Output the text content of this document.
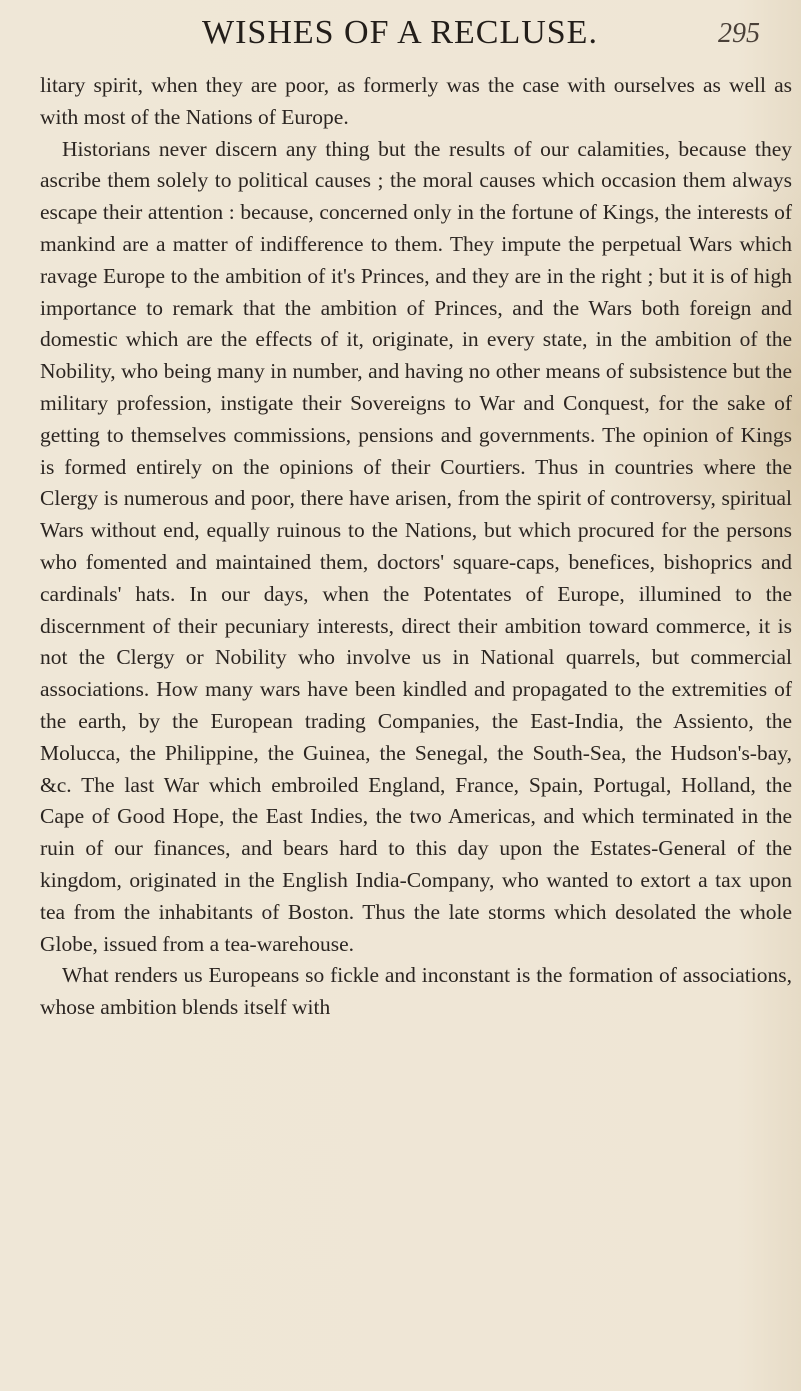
WISHES OF A RECLUSE.	295

litary spirit, when they are poor, as formerly was the case with ourselves as well as with most of the Nations of Europe.

Historians never discern any thing but the results of our calamities, because they ascribe them solely to political causes ; the moral causes which occasion them always escape their attention : because, concerned only in the fortune of Kings, the interests of mankind are a matter of indifference to them. They impute the perpetual Wars which ravage Europe to the ambition of it's Princes, and they are in the right ; but it is of high importance to remark that the ambition of Princes, and the Wars both foreign and domestic which are the effects of it, originate, in every state, in the ambition of the Nobility, who being many in number, and having no other means of subsistence but the military profession, instigate their Sovereigns to War and Conquest, for the sake of getting to themselves commissions, pensions and governments. The opinion of Kings is formed entirely on the opinions of their Courtiers. Thus in countries where the Clergy is numerous and poor, there have arisen, from the spirit of controversy, spiritual Wars without end, equally ruinous to the Nations, but which procured for the persons who fomented and maintained them, doctors' square-caps, benefices, bishoprics and cardinals' hats. In our days, when the Potentates of Europe, illumined to the discernment of their pecuniary interests, direct their ambition toward commerce, it is not the Clergy or Nobility who involve us in National quarrels, but commercial associations. How many wars have been kindled and propagated to the extremities of the earth, by the European trading Companies, the East-India, the Assiento, the Molucca, the Philippine, the Guinea, the Senegal, the South-Sea, the Hudson's-bay, &c. The last War which embroiled England, France, Spain, Portugal, Holland, the Cape of Good Hope, the East Indies, the two Americas, and which terminated in the ruin of our finances, and bears hard to this day upon the Estates-General of the kingdom, originated in the English India-Company, who wanted to extort a tax upon tea from the inhabitants of Boston. Thus the late storms which desolated the whole Globe, issued from a tea-warehouse.

What renders us Europeans so fickle and inconstant is the formation of associations, whose ambition blends itself with
